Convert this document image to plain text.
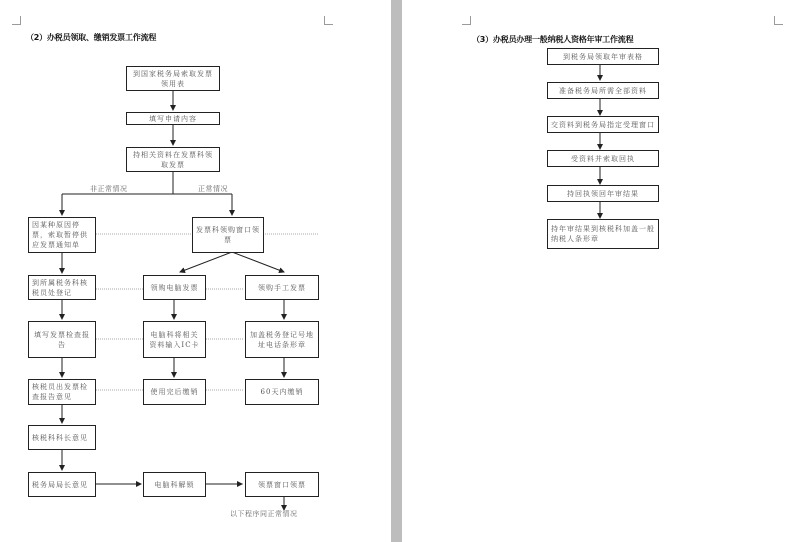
（2）办税员领取、缴销发票工作流程
到国家税务局索取发票领用表
填写申请内容
持相关资料在发票科领取发票
非正常情况	正常情况
因某种原因停票，索取暂停供应发票通知单
发票科领购窗口领票
到所属税务科核税员处登记
领购电脑发票	领购手工发票
填写发票检查报告
电脑科将相关资料输入IC卡
加盖税务登记号地址电话条形章
核税员出发票检查报告意见
使用完后缴销	60天内缴销
核税科科长意见
税务局局长意见	电脑科解锁	领票窗口领票
以下程序同正常情况
（3）办税员办理一般纳税人资格年审工作流程
到税务局领取年审表格
准备税务局所需全部资料
交资料到税务局指定受理窗口
受资料并索取回执
持回执领回年审结果
持年审结果到核税科加盖一般纳税人条形章
